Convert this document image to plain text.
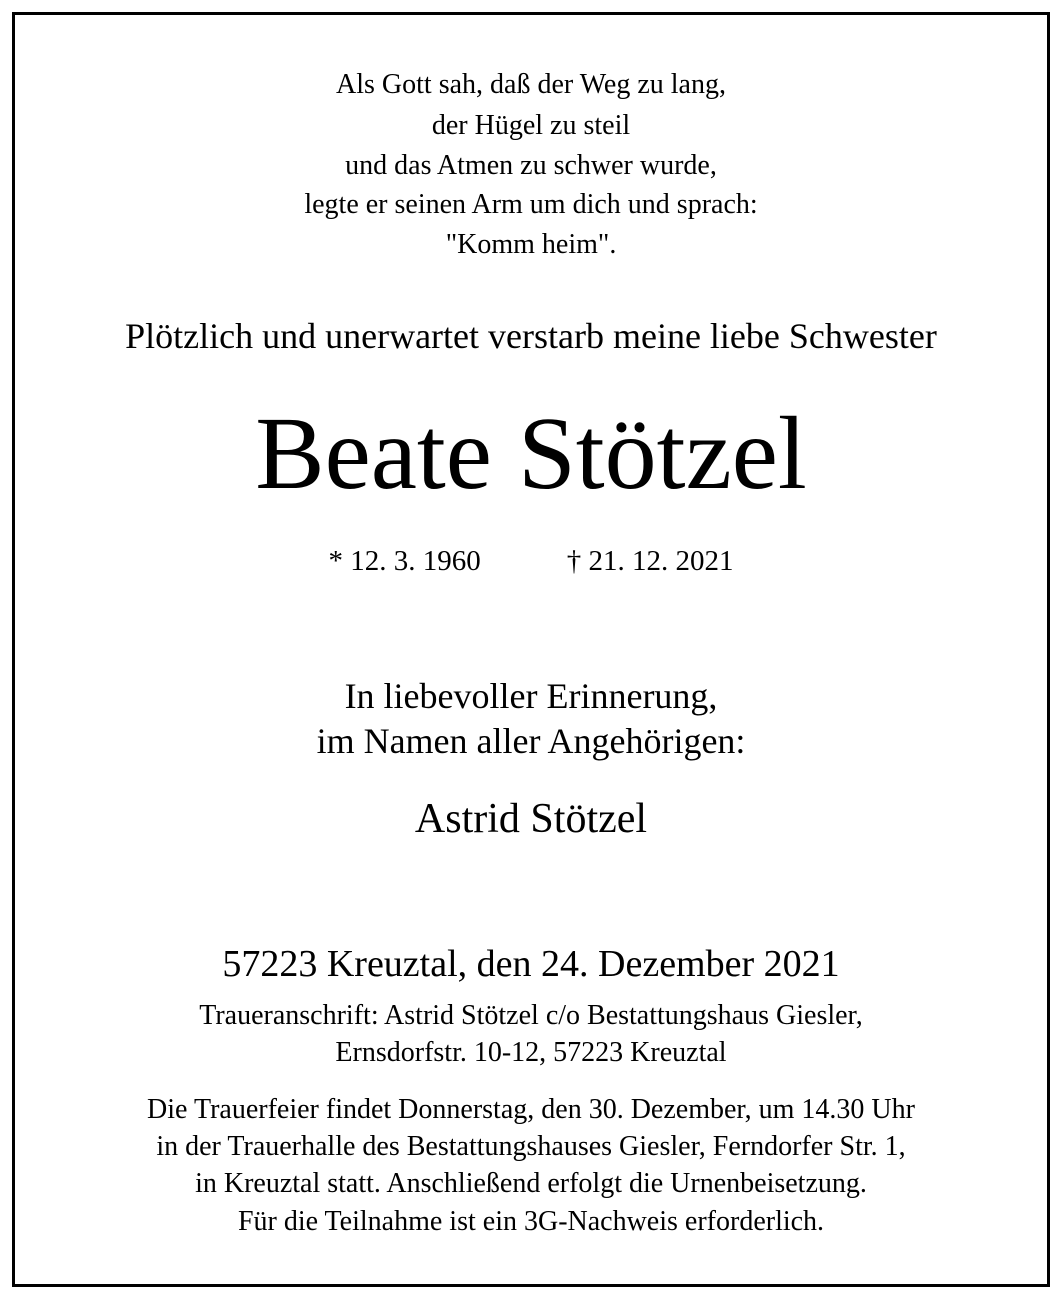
Als Gott sah, daß der Weg zu lang,

der Hügel zu steil

und das Atmen zu schwer wurde,

legte er seinen Arm um dich und sprach:

"Komm heim".

Plötzlich und unerwartet verstarb meine liebe Schwester

Beate Stötzel

* 12. 3. 1960	† 21. 12. 2021

In liebevoller Erinnerung,

im Namen aller Angehörigen:

Astrid Stötzel

57223 Kreuztal, den 24. Dezember 2021

Traueranschrift: Astrid Stötzel c/o Bestattungshaus Giesler,

Ernsdorfstr. 10-12, 57223 Kreuztal

Die Trauerfeier findet Donnerstag, den 30. Dezember, um 14.30 Uhr

in der Trauerhalle des Bestattungshauses Giesler, Ferndorfer Str. 1,

in Kreuztal statt. Anschließend erfolgt die Urnenbeisetzung.

Für die Teilnahme ist ein 3G-Nachweis erforderlich.
